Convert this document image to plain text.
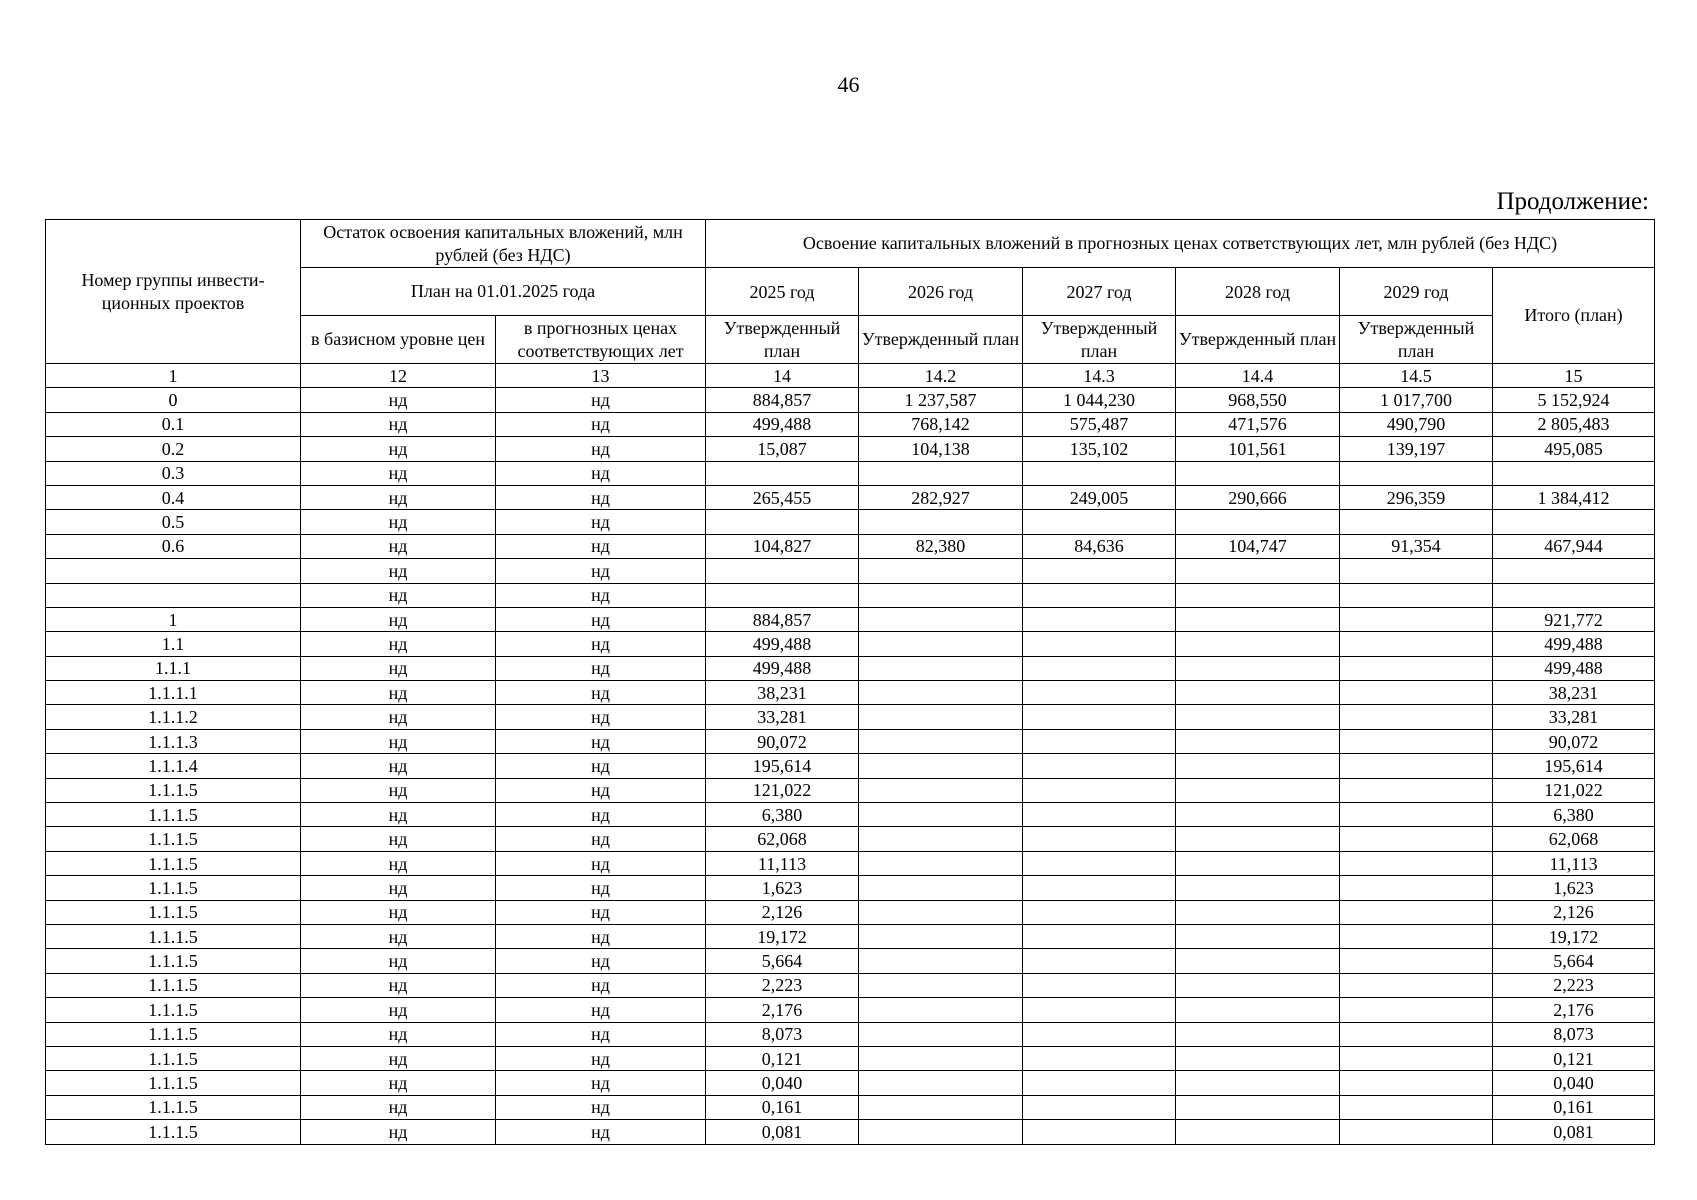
46
Продолжение:
Номер группы инвести-ционных проектов	Остаток освоения капитальных вложений, млн рублей (без НДС)		Освоение капитальных вложений в прогнозных ценах сответствующих лет, млн рублей (без НДС)					
	План на 01.01.2025 года		2025 год	2026 год	2027 год	2028 год	2029 год	Итого (план)
	в базисном уровне цен	в прогнозных ценах соответствующих лет	Утвержденный план	Утвержденный план	Утвержденный план	Утвержденный план	Утвержденный план	
1	12	13	14	14.2	14.3	14.4	14.5	15
0	нд	нд	884,857	1 237,587	1 044,230	968,550	1 017,700	5 152,924
0.1	нд	нд	499,488	768,142	575,487	471,576	490,790	2 805,483
0.2	нд	нд	15,087	104,138	135,102	101,561	139,197	495,085
0.3	нд	нд						
0.4	нд	нд	265,455	282,927	249,005	290,666	296,359	1 384,412
0.5	нд	нд						
0.6	нд	нд	104,827	82,380	84,636	104,747	91,354	467,944
	нд	нд						
	нд	нд						
1	нд	нд	884,857					921,772
1.1	нд	нд	499,488					499,488
1.1.1	нд	нд	499,488					499,488
1.1.1.1	нд	нд	38,231					38,231
1.1.1.2	нд	нд	33,281					33,281
1.1.1.3	нд	нд	90,072					90,072
1.1.1.4	нд	нд	195,614					195,614
1.1.1.5	нд	нд	121,022					121,022
1.1.1.5	нд	нд	6,380					6,380
1.1.1.5	нд	нд	62,068					62,068
1.1.1.5	нд	нд	11,113					11,113
1.1.1.5	нд	нд	1,623					1,623
1.1.1.5	нд	нд	2,126					2,126
1.1.1.5	нд	нд	19,172					19,172
1.1.1.5	нд	нд	5,664					5,664
1.1.1.5	нд	нд	2,223					2,223
1.1.1.5	нд	нд	2,176					2,176
1.1.1.5	нд	нд	8,073					8,073
1.1.1.5	нд	нд	0,121					0,121
1.1.1.5	нд	нд	0,040					0,040
1.1.1.5	нд	нд	0,161					0,161
1.1.1.5	нд	нд	0,081					0,081
